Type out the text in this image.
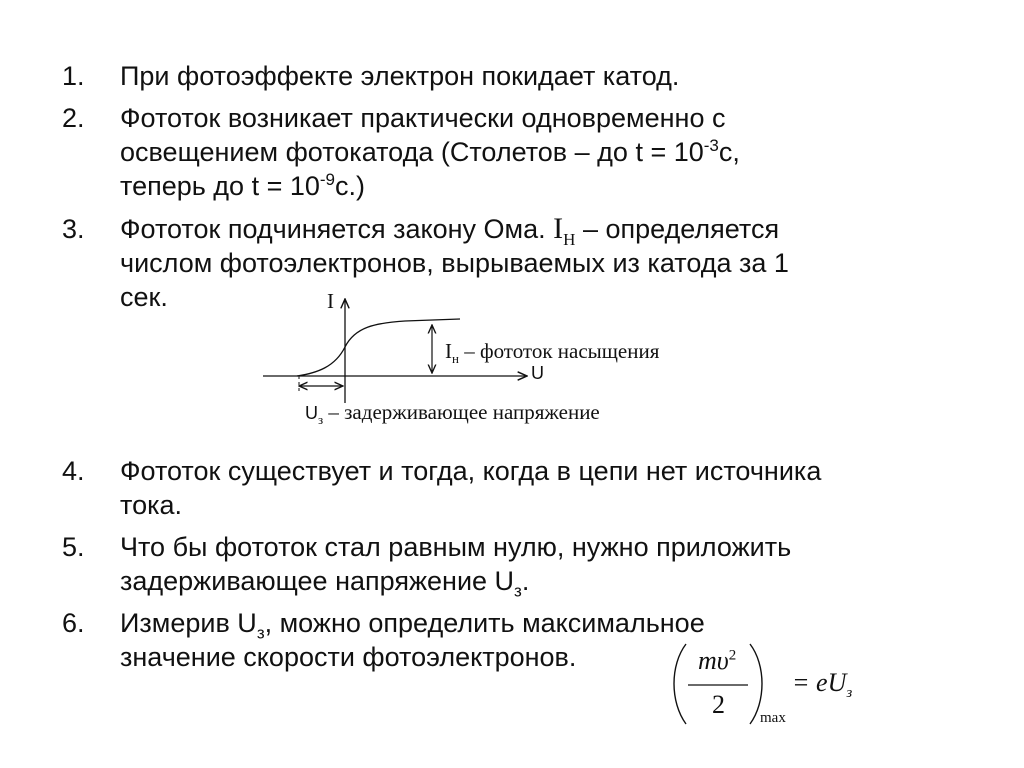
1.	При фотоэффекте электрон покидает катод.
2.	Фототок возникает практически одновременно с
освещением фотокатода (Столетов – до $t = 10^{-3}с$,
теперь до $t = 10^{-9}с$.)
3.	Фототок подчиняется закону Ома. $I_Н$ – определяется
числом фотоэлектронов, вырываемых из катода за 1
сек.	I
U
$I_н$ – фототок насыщения
$U_з$ – задерживающее напряжение
4.	Фототок существует и тогда, когда в цепи нет источника
тока.
5.	Что бы фототок стал равным нулю, нужно приложить
задерживающее напряжение $U_з$.
6.	Измерив $U_з$, можно определить максимальное
значение скорости фотоэлектронов.	$m\upsilon^2$
2 max
= $eU_з$
